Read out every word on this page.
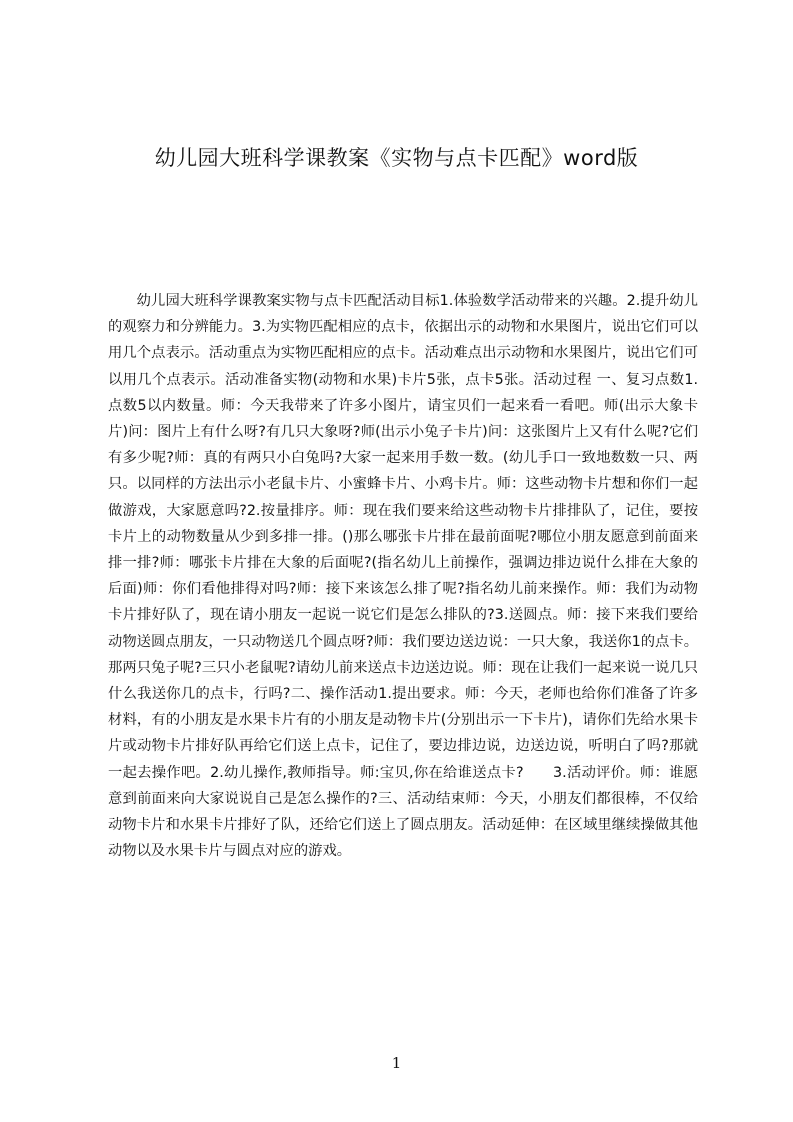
幼儿园大班科学课教案《实物与点卡匹配》word版

幼儿园大班科学课教案实物与点卡匹配活动目标1.体验数学活动带来的兴趣。2.提升幼儿的观察力和分辨能力。3.为实物匹配相应的点卡，依据出示的动物和水果图片，说出它们可以用几个点表示。活动重点为实物匹配相应的点卡。活动难点出示动物和水果图片，说出它们可以用几个点表示。活动准备实物(动物和水果)卡片5张，点卡5张。活动过程 一、复习点数1.点数5以内数量。师：今天我带来了许多小图片，请宝贝们一起来看一看吧。师(出示大象卡片)问：图片上有什么呀?有几只大象呀?师(出示小兔子卡片)问：这张图片上又有什么呢?它们有多少呢?师：真的有两只小白兔吗?大家一起来用手数一数。(幼儿手口一致地数数一只、两只。以同样的方法出示小老鼠卡片、小蜜蜂卡片、小鸡卡片。师：这些动物卡片想和你们一起做游戏，大家愿意吗?2.按量排序。师：现在我们要来给这些动物卡片排排队了，记住，要按卡片上的动物数量从少到多排一排。()那么哪张卡片排在最前面呢?哪位小朋友愿意到前面来排一排?师：哪张卡片排在大象的后面呢?(指名幼儿上前操作，强调边排边说什么排在大象的后面)师：你们看他排得对吗?师：接下来该怎么排了呢?指名幼儿前来操作。师：我们为动物卡片排好队了，现在请小朋友一起说一说它们是怎么排队的?3.送圆点。师：接下来我们要给动物送圆点朋友，一只动物送几个圆点呀?师：我们要边送边说：一只大象，我送你1的点卡。那两只兔子呢?三只小老鼠呢?请幼儿前来送点卡边送边说。师：现在让我们一起来说一说几只什么我送你几的点卡，行吗?二、操作活动1.提出要求。师：今天，老师也给你们准备了许多材料，有的小朋友是水果卡片有的小朋友是动物卡片(分别出示一下卡片)，请你们先给水果卡片或动物卡片排好队再给它们送上点卡，记住了，要边排边说，边送边说，听明白了吗?那就一起去操作吧。2.幼儿操作,教师指导。师:宝贝,你在给谁送点卡?　　3.活动评价。师：谁愿意到前面来向大家说说自己是怎么操作的?三、活动结束师：今天，小朋友们都很棒，不仅给动物卡片和水果卡片排好了队，还给它们送上了圆点朋友。活动延伸：在区域里继续操做其他动物以及水果卡片与圆点对应的游戏。

1
